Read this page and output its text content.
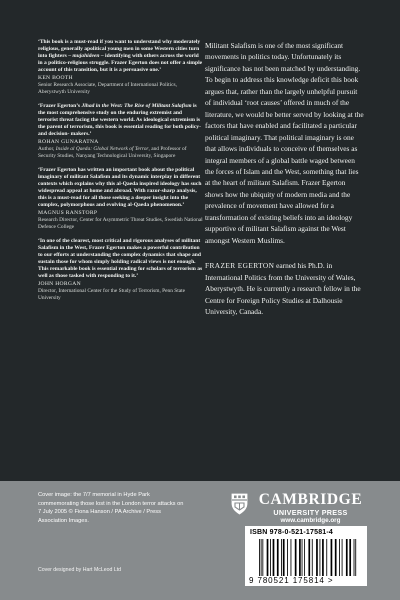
‘This book is a must-read if you want to understand why moderately religious, generally apolitical young men in some Western cities turn into fighters – mujahideen – identifying with others across the world in a politico-religious struggle. Frazer Egerton does not offer a simple account of this transition, but it is a persuasive one.’

KEN BOOTH
Senior Research Associate, Department of International Politics, Aberystwyth University

‘Frazer Egerton’s Jihad in the West: The Rise of Militant Salafism is the most comprehensive study on the enduring extremist and terrorist threat facing the western world. As ideological extremism is the parent of terrorism, this book is essential reading for both policy- and decision- makers.’

ROHAN GUNARATNA
Author, Inside al Qaeda: Global Network of Terror, and Professor of Security Studies, Nanyang Technological University, Singapore

‘Frazer Egerton has written an important book about the political imaginary of militant Salafism and its dynamic interplay in different contexts which explains why this al-Qaeda inspired ideology has such widespread appeal at home and abroad. With razor-sharp analysis, this is a must-read for all those seeking a deeper insight into the complex, polymorphous and evolving al-Qaeda phenomenon.’

MAGNUS RANSTORP
Research Director, Center for Asymmetric Threat Studies, Swedish National Defence College

‘In one of the clearest, most critical and rigorous analyses of militant Salafism in the West, Frazer Egerton makes a powerful contribution to our efforts at understanding the complex dynamics that shape and sustain those for whom simply holding radical views is not enough. This remarkable book is essential reading for scholars of terrorism as well as those tasked with responding to it.’

JOHN HORGAN
Director, International Center for the Study of Terrorism, Penn State University

Militant Salafism is one of the most significant movements in politics today. Unfortunately its significance has not been matched by understanding. To begin to address this knowledge deficit this book argues that, rather than the largely unhelpful pursuit of individual ‘root causes’ offered in much of the literature, we would be better served by looking at the factors that have enabled and facilitated a particular political imaginary. That political imaginary is one that allows individuals to conceive of themselves as integral members of a global battle waged between the forces of Islam and the West, something that lies at the heart of militant Salafism. Frazer Egerton shows how the ubiquity of modern media and the prevalence of movement have allowed for a transformation of existing beliefs into an ideology supportive of militant Salafism against the West amongst Western Muslims.

FRAZER EGERTON earned his Ph.D. in International Politics from the University of Wales, Aberystwyth. He is currently a research fellow in the Centre for Foreign Policy Studies at Dalhousie University, Canada.
Cover image: the 7/7 memorial in Hyde Park commemorating those lost in the London terror attacks on 7 July 2005 © Fiona Hanson / PA Archive / Press Association Images.
Cover designed by Hart McLeod Ltd
CAMBRIDGE
UNIVERSITY PRESS
www.cambridge.org
ISBN 978-0-521-17581-4
9 780521 175814 >
